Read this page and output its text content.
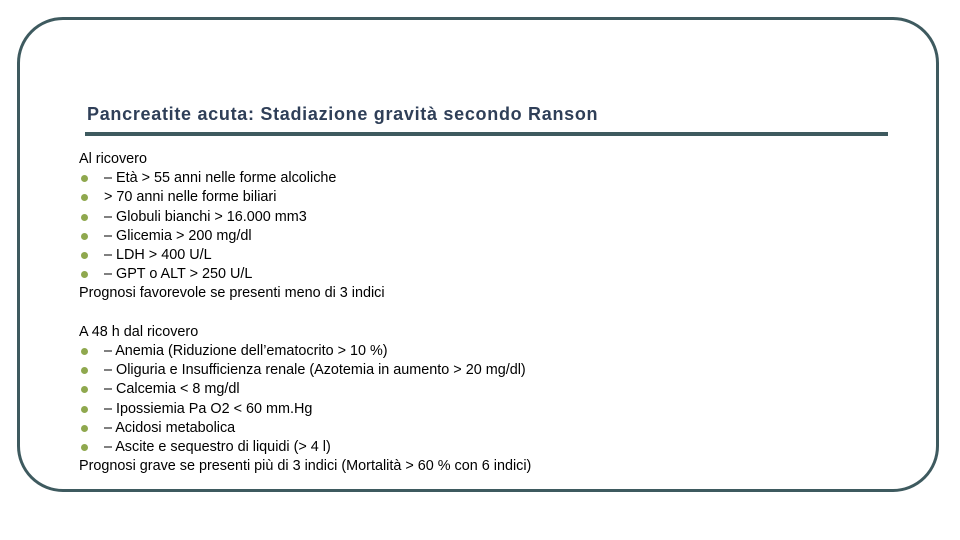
Pancreatite acuta: Stadiazione gravità secondo Ranson
Al ricovero
– Età > 55 anni nelle forme alcoliche
> 70 anni nelle forme biliari
– Globuli bianchi > 16.000 mm3
– Glicemia > 200 mg/dl
– LDH > 400 U/L
– GPT o ALT > 250 U/L
Prognosi favorevole se presenti meno di 3 indici
A 48 h dal ricovero
– Anemia (Riduzione dell’ematocrito > 10 %)
– Oliguria e Insufficienza renale (Azotemia in aumento > 20 mg/dl)
– Calcemia < 8 mg/dl
– Ipossiemia Pa O2 < 60 mm.Hg
– Acidosi metabolica
– Ascite e sequestro di liquidi (> 4 l)
Prognosi grave se presenti più di 3 indici (Mortalità > 60 % con 6 indici)
